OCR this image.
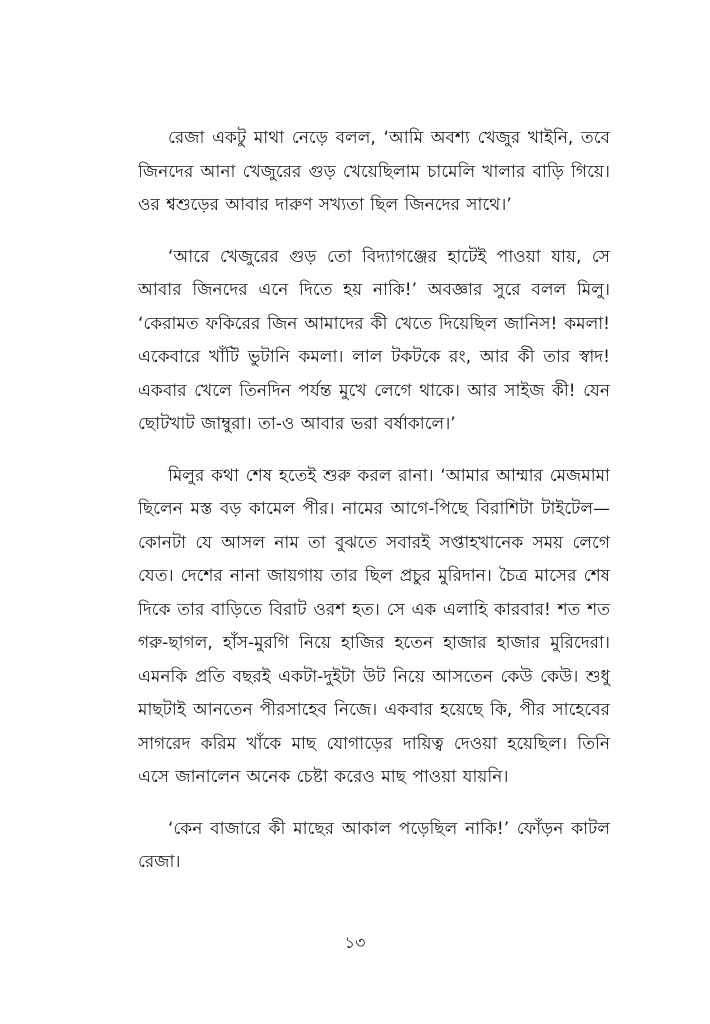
রেজা একটু মাথা নেড়ে বলল, ‘আমি অবশ্য খেজুর খাইনি, তবে জিনদের আনা খেজুরের গুড় খেয়েছিলাম চামেলি খালার বাড়ি গিয়ে। ওর শ্বশুড়ের আবার দারুণ সখ্যতা ছিল জিনদের সাথে।’

‘আরে খেজুরের গুড় তো বিদ্যাগঞ্জের হাটেই পাওয়া যায়, সে আবার জিনদের এনে দিতে হয় নাকি!’ অবজ্ঞার সুরে বলল মিলু। ‘কেরামত ফকিরের জিন আমাদের কী খেতে দিয়েছিল জানিস! কমলা! একেবারে খাঁটি ভুটানি কমলা। লাল টকটকে রং, আর কী তার স্বাদ! একবার খেলে তিনদিন পর্যন্ত মুখে লেগে থাকে। আর সাইজ কী! যেন ছোটখাট জাম্বুরা। তা-ও আবার ভরা বর্ষাকালে।’

মিলুর কথা শেষ হতেই শুরু করল রানা। ‘আমার আম্মার মেজমামা ছিলেন মস্ত বড় কামেল পীর। নামের আগে-পিছে বিরাশিটা টাইটেল—কোনটা যে আসল নাম তা বুঝতে সবারই সপ্তাহখানেক সময় লেগে যেত। দেশের নানা জায়গায় তার ছিল প্রচুর মুরিদান। চৈত্র মাসের শেষ দিকে তার বাড়িতে বিরাট ওরশ হত। সে এক এলাহি কারবার! শত শত গরু-ছাগল, হাঁস-মুরগি নিয়ে হাজির হতেন হাজার হাজার মুরিদেরা। এমনকি প্রতি বছরই একটা-দুইটা উট নিয়ে আসতেন কেউ কেউ। শুধু মাছটাই আনতেন পীরসাহেব নিজে। একবার হয়েছে কি, পীর সাহেবের সাগরেদ করিম খাঁকে মাছ যোগাড়ের দায়িত্ব দেওয়া হয়েছিল। তিনি এসে জানালেন অনেক চেষ্টা করেও মাছ পাওয়া যায়নি।

‘কেন বাজারে কী মাছের আকাল পড়েছিল নাকি!’ ফোঁড়ন কাটল রেজা।

১৩
